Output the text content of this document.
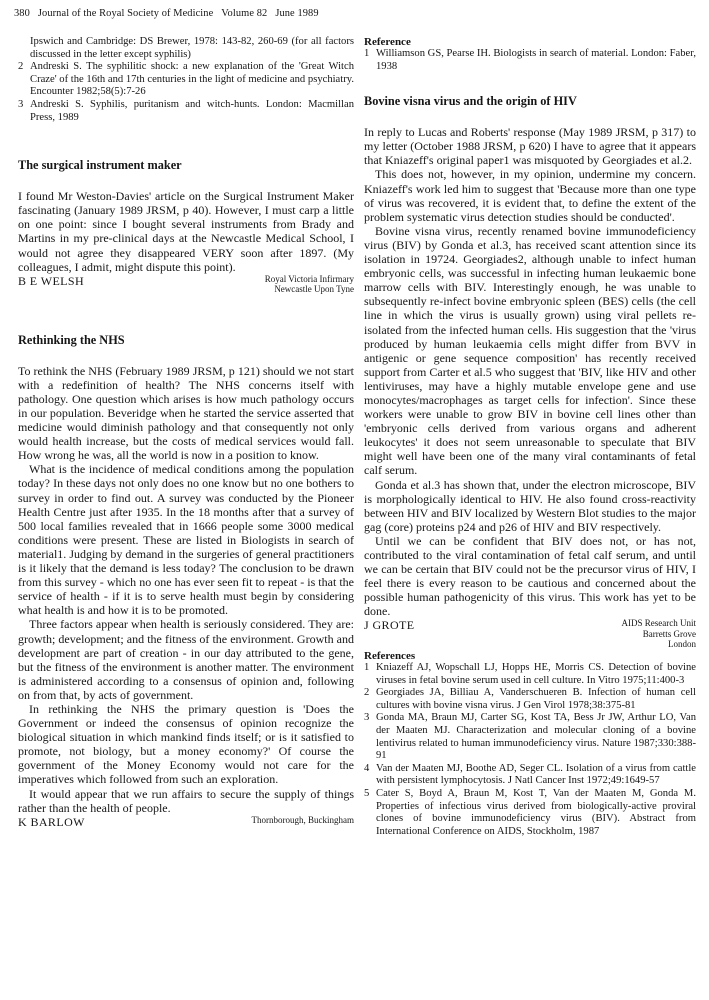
380 Journal of the Royal Society of Medicine Volume 82 June 1989
Ipswich and Cambridge: DS Brewer, 1978: 143-82, 260-69 (for all factors discussed in the letter except syphilis)
2 Andreski S. The syphilitic shock: a new explanation of the 'Great Witch Craze' of the 16th and 17th centuries in the light of medicine and psychiatry. Encounter 1982;58(5):7-26
3 Andreski S. Syphilis, puritanism and witch-hunts. London: Macmillan Press, 1989
The surgical instrument maker

I found Mr Weston-Davies' article on the Surgical Instrument Maker fascinating (January 1989 JRSM, p 40). However, I must carp a little on one point: since I bought several instruments from Brady and Martins in my pre-clinical days at the Newcastle Medical School, I would not agree they disappeared VERY soon after 1897. (My colleagues, I admit, might dispute this point).

B E WELSH	Royal Victoria Infirmary
Newcastle Upon Tyne
Rethinking the NHS

To rethink the NHS (February 1989 JRSM, p 121) should we not start with a redefinition of health? The NHS concerns itself with pathology. One question which arises is how much pathology occurs in our population. Beveridge when he started the service asserted that medicine would diminish pathology and that consequently not only would health increase, but the costs of medical services would fall. How wrong he was, all the world is now in a position to know.

What is the incidence of medical conditions among the population today? In these days not only does no one know but no one bothers to survey in order to find out. A survey was conducted by the Pioneer Health Centre just after 1935. In the 18 months after that a survey of 500 local families revealed that in 1666 people some 3000 medical conditions were present. These are listed in Biologists in search of material1. Judging by demand in the surgeries of general practitioners is it likely that the demand is less today? The conclusion to be drawn from this survey - which no one has ever seen fit to repeat - is that the service of health - if it is to serve health must begin by considering what health is and how it is to be promoted.

Three factors appear when health is seriously considered. They are: growth; development; and the fitness of the environment. Growth and development are part of creation - in our day attributed to the gene, but the fitness of the environment is another matter. The environment is administered according to a consensus of opinion and, following on from that, by acts of government.

In rethinking the NHS the primary question is 'Does the Government or indeed the consensus of opinion recognize the biological situation in which mankind finds itself; or is it satisfied to promote, not biology, but a money economy?' Of course the government of the Money Economy would not care for the imperatives which followed from such an exploration.

It would appear that we run affairs to secure the supply of things rather than the health of people.

K BARLOW	Thornborough, Buckingham
Reference
1 Williamson GS, Pearse IH. Biologists in search of material. London: Faber, 1938
Bovine visna virus and the origin of HIV

In reply to Lucas and Roberts' response (May 1989 JRSM, p 317) to my letter (October 1988 JRSM, p 620) I have to agree that it appears that Kniazeff's original paper1 was misquoted by Georgiades et al.2.

This does not, however, in my opinion, undermine my concern. Kniazeff's work led him to suggest that 'Because more than one type of virus was recovered, it is evident that, to define the extent of the problem systematic virus detection studies should be conducted'.

Bovine visna virus, recently renamed bovine immunodeficiency virus (BIV) by Gonda et al.3, has received scant attention since its isolation in 19724. Georgiades2, although unable to infect human embryonic cells, was successful in infecting human leukaemic bone marrow cells with BIV. Interestingly enough, he was unable to subsequently re-infect bovine embryonic spleen (BES) cells (the cell line in which the virus is usually grown) using viral pellets re-isolated from the infected human cells. His suggestion that the 'virus produced by human leukaemia cells might differ from BVV in antigenic or gene sequence composition' has recently received support from Carter et al.5 who suggest that 'BIV, like HIV and other lentiviruses, may have a highly mutable envelope gene and use monocytes/macrophages as target cells for infection'. Since these workers were unable to grow BIV in bovine cell lines other than 'embryonic cells derived from various organs and adherent leukocytes' it does not seem unreasonable to speculate that BIV might well have been one of the many viral contaminants of fetal calf serum.

Gonda et al.3 has shown that, under the electron microscope, BIV is morphologically identical to HIV. He also found cross-reactivity between HIV and BIV localized by Western Blot studies to the major gag (core) proteins p24 and p26 of HIV and BIV respectively.

Until we can be confident that BIV does not, or has not, contributed to the viral contamination of fetal calf serum, and until we can be certain that BIV could not be the precursor virus of HIV, I feel there is every reason to be cautious and concerned about the possible human pathogenicity of this virus. This work has yet to be done.

J GROTE	AIDS Research Unit
Barretts Grove
London
References
1 Kniazeff AJ, Wopschall LJ, Hopps HE, Morris CS. Detection of bovine viruses in fetal bovine serum used in cell culture. In Vitro 1975;11:400-3
2 Georgiades JA, Billiau A, Vanderschueren B. Infection of human cell cultures with bovine visna virus. J Gen Virol 1978;38:375-81
3 Gonda MA, Braun MJ, Carter SG, Kost TA, Bess Jr JW, Arthur LO, Van der Maaten MJ. Characterization and molecular cloning of a bovine lentivirus related to human immunodeficiency virus. Nature 1987;330:388-91
4 Van der Maaten MJ, Boothe AD, Seger CL. Isolation of a virus from cattle with persistent lymphocytosis. J Natl Cancer Inst 1972;49:1649-57
5 Cater S, Boyd A, Braun M, Kost T, Van der Maaten M, Gonda M. Properties of infectious virus derived from biologically-active proviral clones of bovine immunodeficiency virus (BIV). Abstract from International Conference on AIDS, Stockholm, 1987
